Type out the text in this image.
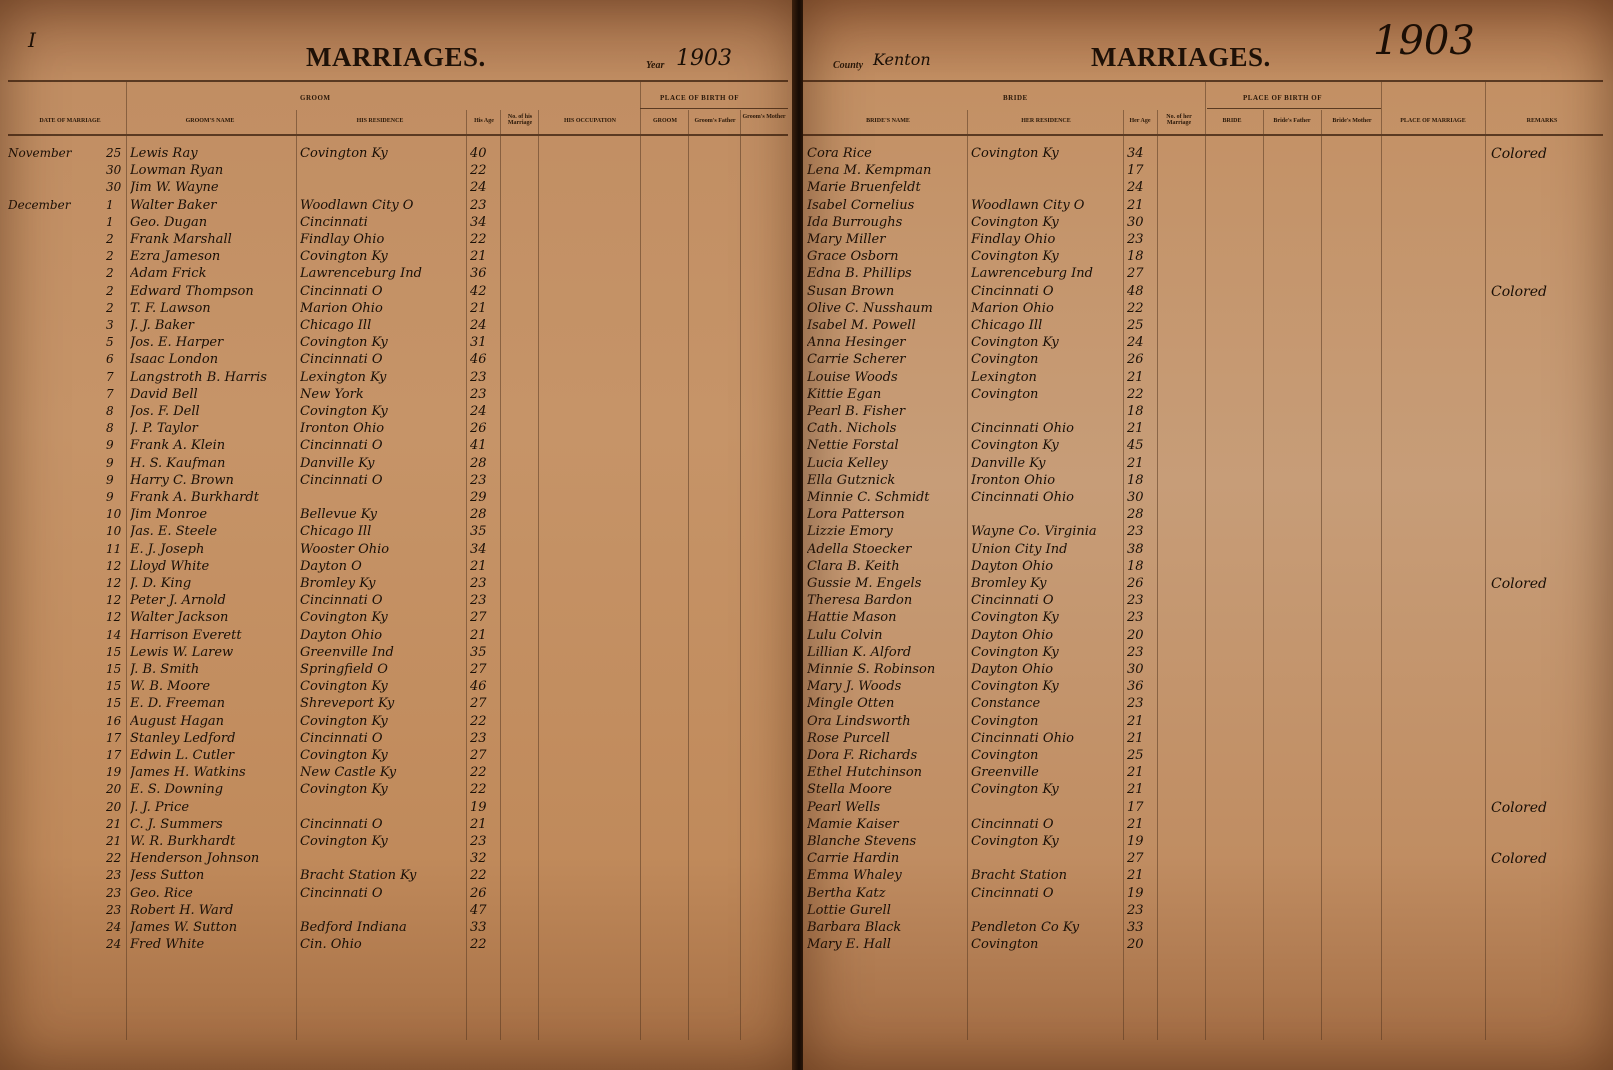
I
MARRIAGES.	Year 1903
GROOM	PLACE OF BIRTH OF
DATE OF MARRIAGE	GROOM'S NAME	HIS RESIDENCE	His Age
No. of his Marriage	HIS OCCUPATION	GROOM	Groom's Father
Groom's Mother
November	25 Lewis Ray	Covington Ky	40
30 Lowman Ryan	22
30 Jim W. Wayne	24
December	1	Walter Baker	Woodlawn City O	23
1	Geo. Dugan	Cincinnati	34
2	Frank Marshall	Findlay Ohio	22
2	Ezra Jameson	Covington Ky	21
2	Adam Frick	Lawrenceburg Ind	36
2	Edward Thompson	Cincinnati O	42
2	T. F. Lawson	Marion Ohio	21
3	J. J. Baker	Chicago Ill	24
5	Jos. E. Harper	Covington Ky	31
6	Isaac London	Cincinnati O	46
7	Langstroth B. Harris	Lexington Ky	23
7	David Bell	New York	23
8	Jos. F. Dell	Covington Ky	24
8	J. P. Taylor	Ironton Ohio	26
9	Frank A. Klein	Cincinnati O	41
9	H. S. Kaufman	Danville Ky	28
9	Harry C. Brown	Cincinnati O	23
9	Frank A. Burkhardt	29
10 Jim Monroe	Bellevue Ky	28
10 Jas. E. Steele	Chicago Ill	35
11 E. J. Joseph	Wooster Ohio	34
12 Lloyd White	Dayton O	21
12 J. D. King	Bromley Ky	23
12 Peter J. Arnold	Cincinnati O	23
12 Walter Jackson	Covington Ky	27
14 Harrison Everett	Dayton Ohio	21
15 Lewis W. Larew	Greenville Ind	35
15 J. B. Smith	Springfield O	27
15 W. B. Moore	Covington Ky	46
15 E. D. Freeman	Shreveport Ky	27
16 August Hagan	Covington Ky	22
17 Stanley Ledford	Cincinnati O	23
17 Edwin L. Cutler	Covington Ky	27
19 James H. Watkins	New Castle Ky	22
20 E. S. Downing	Covington Ky	22
20 J. J. Price	19
21 C. J. Summers	Cincinnati O	21
21 W. R. Burkhardt	Covington Ky	23
22 Henderson Johnson	32
23 Jess Sutton	Bracht Station Ky	22
23 Geo. Rice	Cincinnati O	26
23 Robert H. Ward	47
24 James W. Sutton	Bedford Indiana	33
24 Fred White	Cin. Ohio	22
County Kenton	MARRIAGES.	1903
BRIDE	PLACE OF BIRTH OF
BRIDE'S NAME	HER RESIDENCE	Her Age
No. of her Marriage	BRIDE	Bride's Father	Bride's Mother	PLACE OF MARRIAGE	REMARKS
Cora Rice	Covington Ky	34	Colored
Lena M. Kempman	17
Marie Bruenfeldt	24
Isabel Cornelius	Woodlawn City O	21
Ida Burroughs	Covington Ky	30
Mary Miller	Findlay Ohio	23
Grace Osborn	Covington Ky	18
Edna B. Phillips	Lawrenceburg Ind	27
Susan Brown	Cincinnati O	48	Colored
Olive C. Nusshaum	Marion Ohio	22
Isabel M. Powell	Chicago Ill	25
Anna Hesinger	Covington Ky	24
Carrie Scherer	Covington	26
Louise Woods	Lexington	21
Kittie Egan	Covington	22
Pearl B. Fisher	18
Cath. Nichols	Cincinnati Ohio	21
Nettie Forstal	Covington Ky	45
Lucia Kelley	Danville Ky	21
Ella Gutznick	Ironton Ohio	18
Minnie C. Schmidt	Cincinnati Ohio	30
Lora Patterson	28
Lizzie Emory	Wayne Co. Virginia	23
Adella Stoecker	Union City Ind	38
Clara B. Keith	Dayton Ohio	18
Gussie M. Engels	Bromley Ky	26	Colored
Theresa Bardon	Cincinnati O	23
Hattie Mason	Covington Ky	23
Lulu Colvin	Dayton Ohio	20
Lillian K. Alford	Covington Ky	23
Minnie S. Robinson	Dayton Ohio	30
Mary J. Woods	Covington Ky	36
Mingle Otten	Constance	23
Ora Lindsworth	Covington	21
Rose Purcell	Cincinnati Ohio	21
Dora F. Richards	Covington	25
Ethel Hutchinson	Greenville	21
Stella Moore	Covington Ky	21
Pearl Wells	17	Colored
Mamie Kaiser	Cincinnati O	21
Blanche Stevens	Covington Ky	19
Carrie Hardin	27	Colored
Emma Whaley	Bracht Station	21
Bertha Katz	Cincinnati O	19
Lottie Gurell	23
Barbara Black	Pendleton Co Ky	33
Mary E. Hall	Covington	20
